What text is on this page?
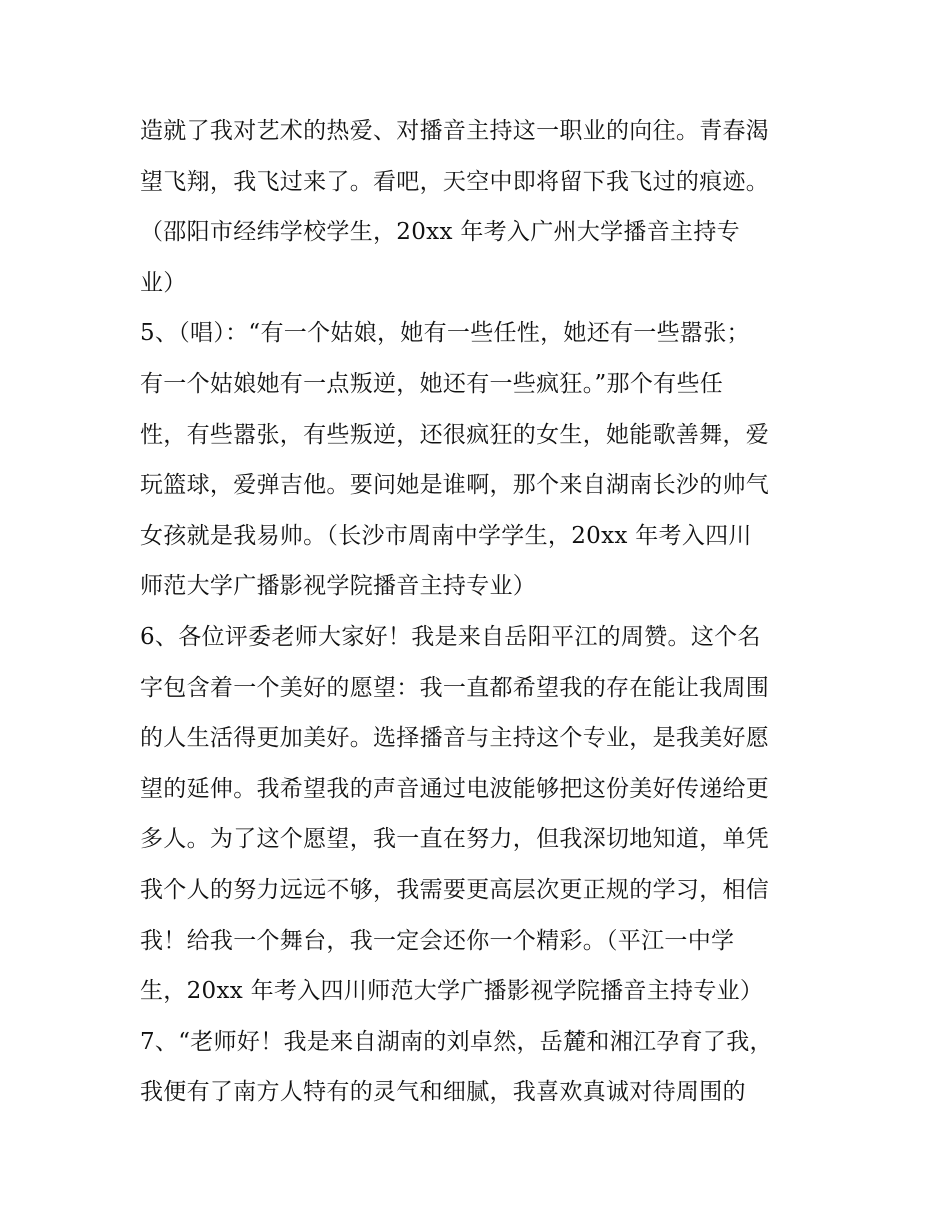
造就了我对艺术的热爱、对播音主持这一职业的向往。青春渴
望飞翔，我飞过来了。看吧，天空中即将留下我飞过的痕迹。
（邵阳市经纬学校学生，20xx 年考入广州大学播音主持专
业）
5、（唱）：“有一个姑娘，她有一些任性，她还有一些嚣张；
有一个姑娘她有一点叛逆，她还有一些疯狂。”那个有些任
性，有些嚣张，有些叛逆，还很疯狂的女生，她能歌善舞，爱
玩篮球，爱弹吉他。要问她是谁啊，那个来自湖南长沙的帅气
女孩就是我易帅。（长沙市周南中学学生，20xx 年考入四川
师范大学广播影视学院播音主持专业）
6、各位评委老师大家好！我是来自岳阳平江的周赞。这个名
字包含着一个美好的愿望：我一直都希望我的存在能让我周围
的人生活得更加美好。选择播音与主持这个专业，是我美好愿
望的延伸。我希望我的声音通过电波能够把这份美好传递给更
多人。为了这个愿望，我一直在努力，但我深切地知道，单凭
我个人的努力远远不够，我需要更高层次更正规的学习，相信
我！给我一个舞台，我一定会还你一个精彩。（平江一中学
生，20xx 年考入四川师范大学广播影视学院播音主持专业）
7、“老师好！我是来自湖南的刘卓然，岳麓和湘江孕育了我，
我便有了南方人特有的灵气和细腻，我喜欢真诚对待周围的
